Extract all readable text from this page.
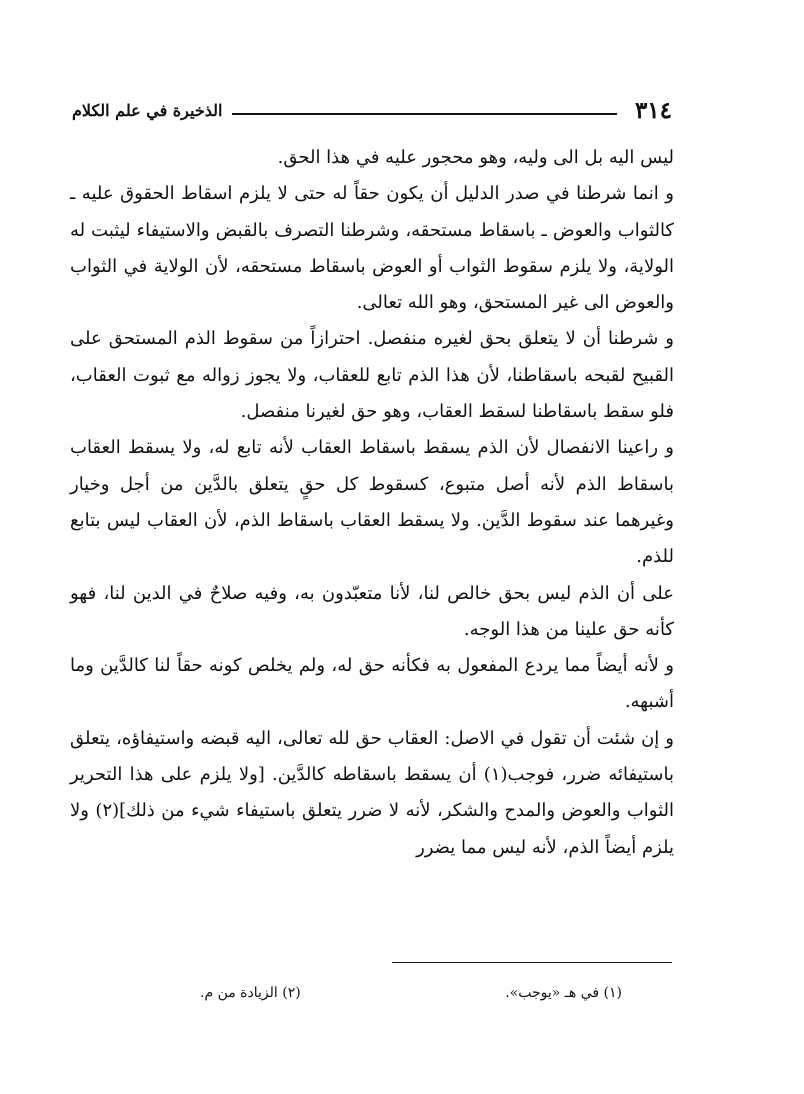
٣١٤
الذخيرة في علم الكلام

ليس اليه بل الى وليه، وهو محجور عليه في هذا الحق.

و انما شرطنا في صدر الدليل أن يكون حقاً له حتى لا يلزم اسقاط الحقوق عليه ـ كالثواب والعوض ـ باسقاط مستحقه، وشرطنا التصرف بالقبض والاستيفاء ليثبت له الولاية، ولا يلزم سقوط الثواب أو العوض باسقاط مستحقه، لأن الولاية في الثواب والعوض الى غير المستحق، وهو الله تعالى.

و شرطنا أن لا يتعلق بحق لغيره منفصل. احترازاً من سقوط الذم المستحق على القبيح لقبحه باسقاطنا، لأن هذا الذم تابع للعقاب، ولا يجوز زواله مع ثبوت العقاب، فلو سقط باسقاطنا لسقط العقاب، وهو حق لغيرنا منفصل.

و راعينا الانفصال لأن الذم يسقط باسقاط العقاب لأنه تابع له، ولا يسقط العقاب باسقاط الذم لأنه أصل متبوع، كسقوط كل حقٍ يتعلق بالدَّين من أجل وخيار وغيرهما عند سقوط الدَّين. ولا يسقط العقاب باسقاط الذم، لأن العقاب ليس بتابع للذم.

على أن الذم ليس بحق خالص لنا، لأنا متعبّدون به، وفيه صلاحٌ في الدين لنا، فهو كأنه حق علينا من هذا الوجه.

و لأنه أيضاً مما يردع المفعول به فكأنه حق له، ولم يخلص كونه حقاً لنا كالدَّين وما أشبهه.

و إن شئت أن تقول في الاصل: العقاب حق لله تعالى، اليه قبضه واستيفاؤه، يتعلق باستيفائه ضرر، فوجب(١) أن يسقط باسقاطه كالدَّين. [ولا يلزم على هذا التحرير الثواب والعوض والمدح والشكر، لأنه لا ضرر يتعلق باستيفاء شيء من ذلك](٢) ولا يلزم أيضاً الذم، لأنه ليس مما يضرر

(١) في هـ «يوجب».
(٢) الزيادة من م.
